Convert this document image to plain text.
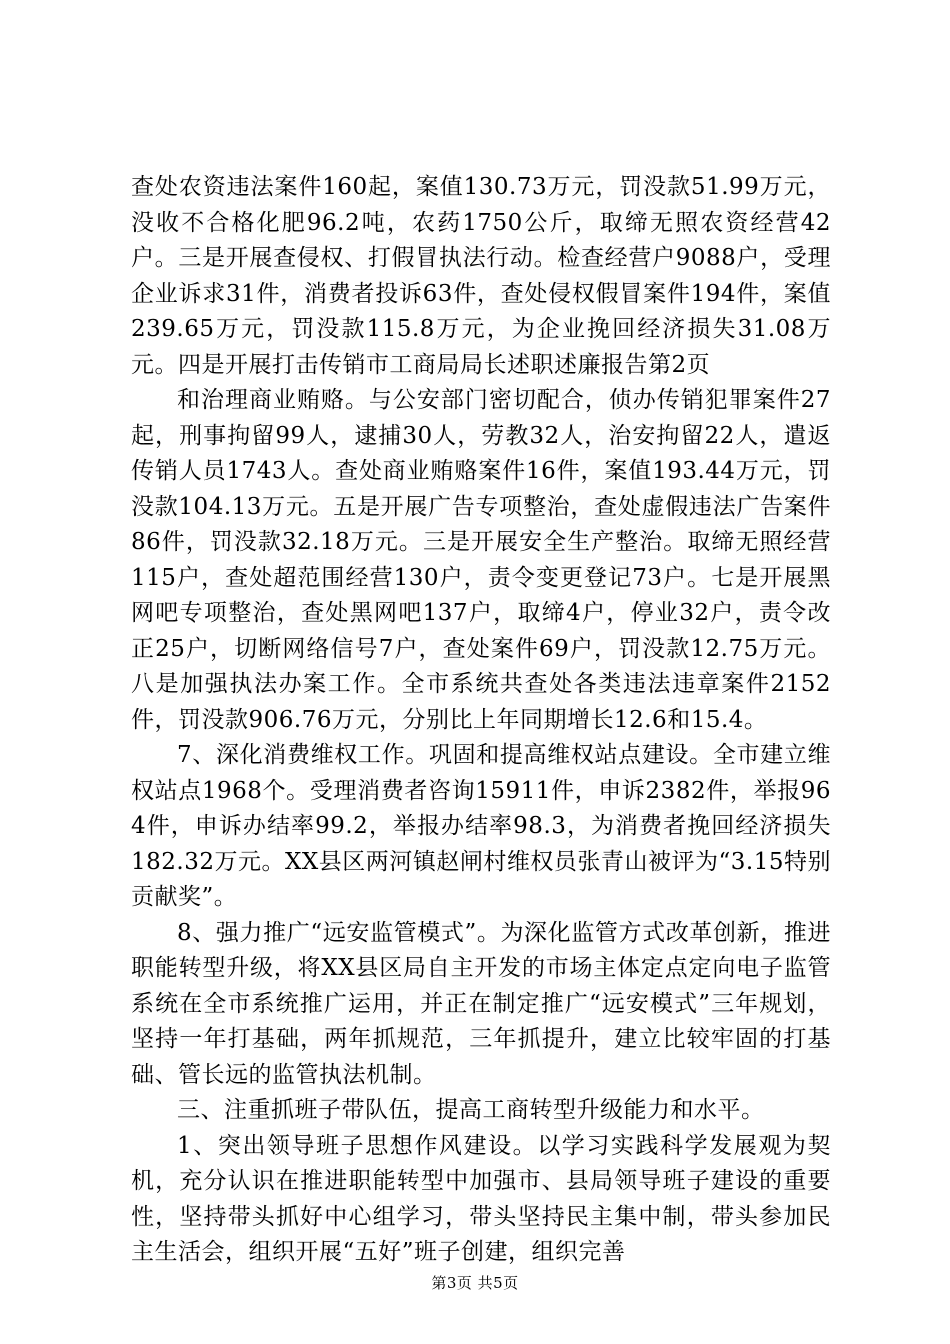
查处农资违法案件160起，案值130.73万元，罚没款51.99万元，没收不合格化肥96.2吨，农药1750公斤，取缔无照农资经营42户。三是开展查侵权、打假冒执法行动。检查经营户9088户，受理企业诉求31件，消费者投诉63件，查处侵权假冒案件194件，案值239.65万元，罚没款115.8万元，为企业挽回经济损失31.08万元。四是开展打击传销市工商局局长述职述廉报告第2页

和治理商业贿赂。与公安部门密切配合，侦办传销犯罪案件27起，刑事拘留99人，逮捕30人，劳教32人，治安拘留22人，遣返传销人员1743人。查处商业贿赂案件16件，案值193.44万元，罚没款104.13万元。五是开展广告专项整治，查处虚假违法广告案件86件，罚没款32.18万元。三是开展安全生产整治。取缔无照经营115户，查处超范围经营130户，责令变更登记73户。七是开展黑网吧专项整治，查处黑网吧137户，取缔4户，停业32户，责令改正25户，切断网络信号7户，查处案件69户，罚没款12.75万元。八是加强执法办案工作。全市系统共查处各类违法违章案件2152件，罚没款906.76万元，分别比上年同期增长12.6和15.4。

7、深化消费维权工作。巩固和提高维权站点建设。全市建立维权站点1968个。受理消费者咨询15911件，申诉2382件，举报964件，申诉办结率99.2，举报办结率98.3，为消费者挽回经济损失182.32万元。XX县区两河镇赵闸村维权员张青山被评为“3.15特别贡献奖”。

8、强力推广“远安监管模式”。为深化监管方式改革创新，推进职能转型升级，将XX县区局自主开发的市场主体定点定向电子监管系统在全市系统推广运用，并正在制定推广“远安模式”三年规划，坚持一年打基础，两年抓规范，三年抓提升，建立比较牢固的打基础、管长远的监管执法机制。

三、注重抓班子带队伍，提高工商转型升级能力和水平。

1、突出领导班子思想作风建设。以学习实践科学发展观为契机，充分认识在推进职能转型中加强市、县局领导班子建设的重要性，坚持带头抓好中心组学习，带头坚持民主集中制，带头参加民主生活会，组织开展“五好”班子创建，组织完善

第3页 共5页
